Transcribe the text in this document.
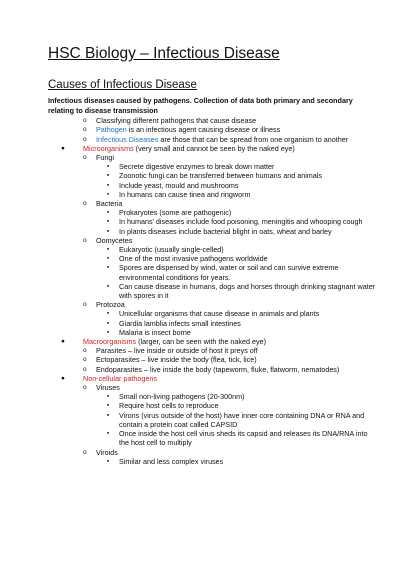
HSC Biology – Infectious Disease
Causes of Infectious Disease
Infectious diseases caused by pathogens. Collection of data both primary and secondary relating to disease transmission
o Classifying different pathogens that cause disease
o Pathogen is an infectious agent causing disease or illness
o Infectious Diseases are those that can be spread from one organism to another
●	Microorganisms (very small and cannot be seen by the naked eye)
o Fungi
▪ Secrete digestive enzymes to break down matter
▪ Zoonotic fungi can be transferred between humans and animals
▪ Include yeast, mould and mushrooms
▪ In humans can cause tinea and ringworm
o Bacteria
▪ Prokaryotes (some are pathogenic)
▪ In humans' diseases include food poisoning, meningitis and whooping cough
▪ In plants diseases include bacterial blight in oats, wheat and barley
o Oomycetes
▪ Eukaryotic (usually single-celled)
▪ One of the most invasive pathogens worldwide
▪ Spores are dispensed by wind, water or soil and can survive extreme environmental conditions for years.
▪ Can cause disease in humans, dogs and horses through drinking stagnant water with spores in it
o Protozoa
▪ Unicellular organisms that cause disease in animals and plants
▪ Giardia lamblia infects small intestines
▪ Malaria is insect borne
●	Macroorganisms (larger, can be seen with the naked eye)
o Parasites – live inside or outside of host it preys off
o Ectoparasites – live inside the body (flea, tick, lice)
o Endoparasites – live inside the body (tapeworm, fluke, flatworm, nematodes)
●	Non-cellular pathogens
o Viruses
▪ Small non-living pathogens (20-300nm)
▪ Require host cells to reproduce
▪ Virons (virus outside of the host) have inner core containing DNA or RNA and contain a protein coat called CAPSID
▪ Once inside the host cell virus sheds its capsid and releases its DNA/RNA into the host cell to multiply
o Viroids
▪ Similar and less complex viruses
